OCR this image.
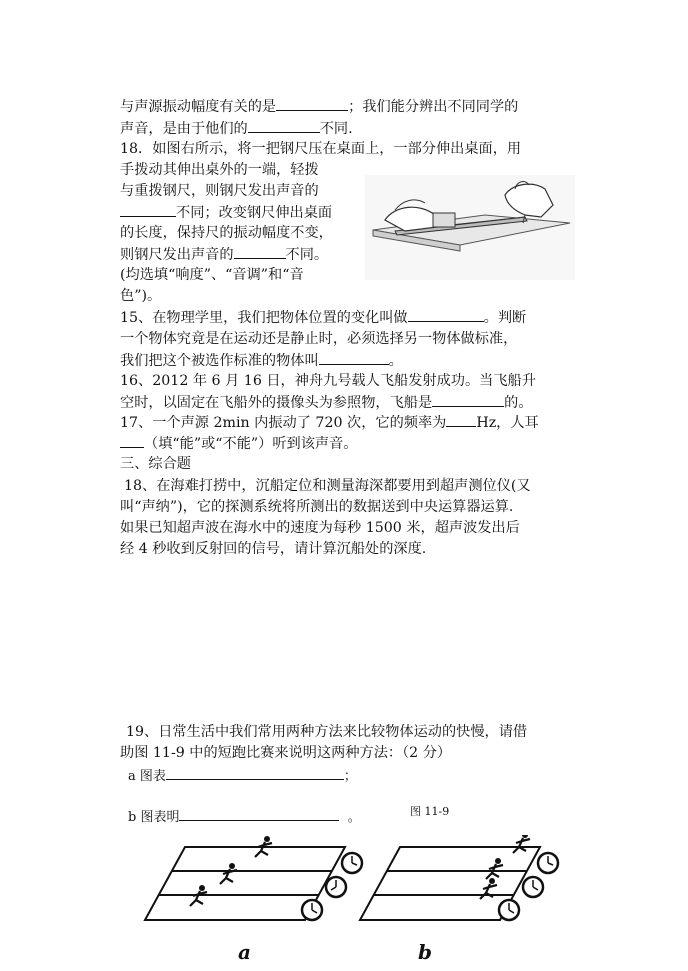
与声源振动幅度有关的是	；我们能分辨出不同同学的
声音，是由于他们的	不同.
18．如图右所示，将一把钢尺压在桌面上，一部分伸出桌面，用
手拨动其伸出桌外的一端，轻拨
与重拨钢尺，则钢尺发出声音的
不同；改变钢尺伸出桌面
的长度，保持尺的振动幅度不变，
则钢尺发出声音的	不同。
(均选填“响度”、“音调”和“音
色”)。
15、在物理学里，我们把物体位置的变化叫做	。判断
一个物体究竟是在运动还是静止时，必须选择另一物体做标准，
我们把这个被选作标准的物体叫	。
16、2012 年 6 月 16 日，神舟九号载人飞船发射成功。当飞船升
空时，以固定在飞船外的摄像头为参照物，飞船是	的。
17、一个声源 2min 内振动了 720 次，它的频率为 Hz，人耳
（填“能”或“不能”）听到该声音。
三、综合题
18、在海难打捞中，沉船定位和测量海深都要用到超声测位仪(又
叫“声纳”)，它的探测系统将所测出的数据送到中央运算器运算.
如果已知超声波在海水中的速度为每秒 1500 米，超声波发出后
经 4 秒收到反射回的信号，请计算沉船处的深度.
19、日常生活中我们常用两种方法来比较物体运动的快慢，请借
助图 11-9 中的短跑比赛来说明这两种方法：（2 分）
a 图表	；
b 图表明	。	图 11-9
a	b
